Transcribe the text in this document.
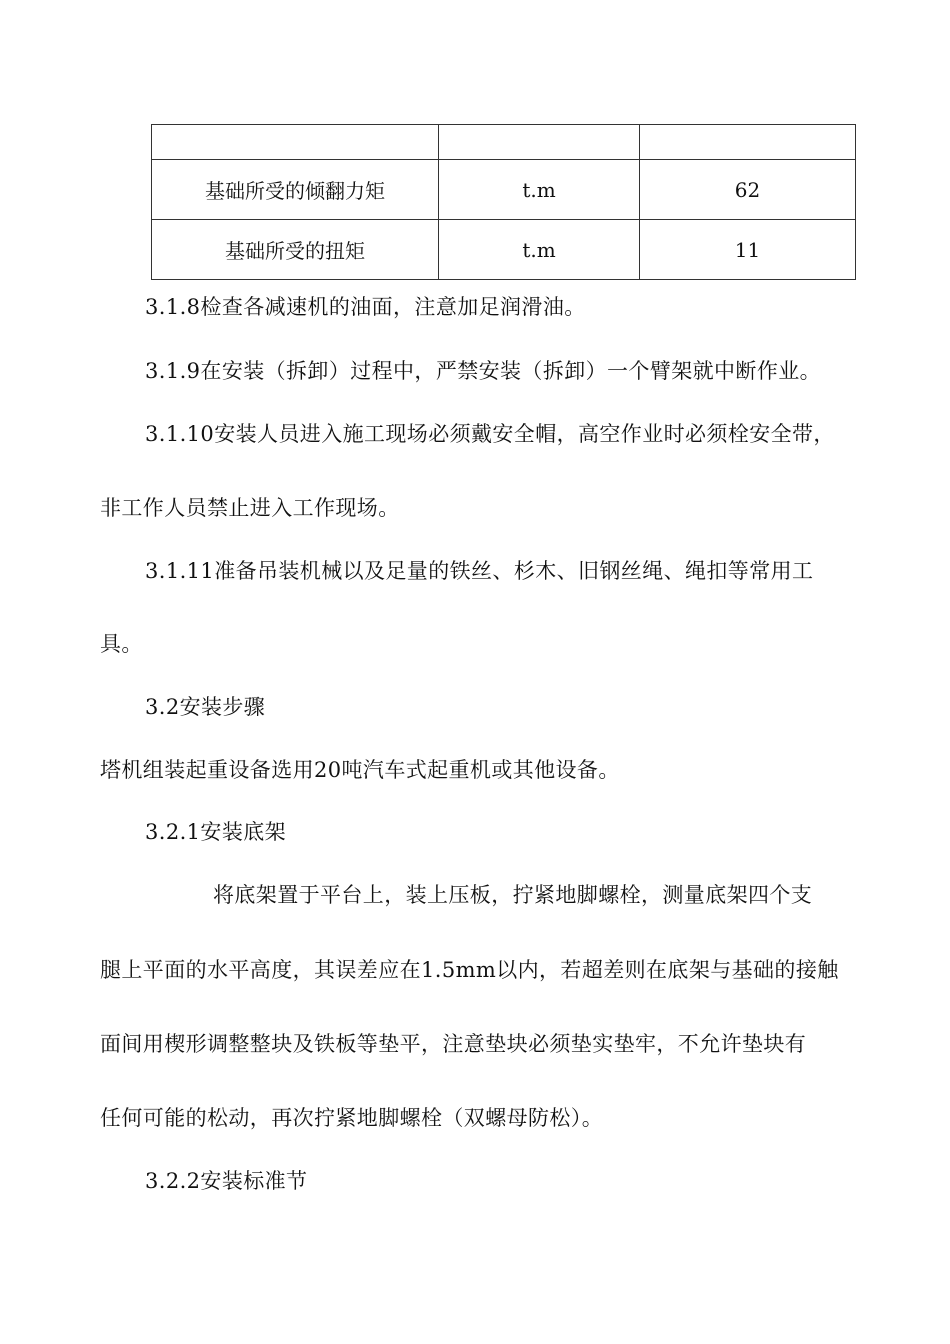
基础所受的倾翻力矩	t.m	62
基础所受的扭矩	t.m	11
3.1.8检查各减速机的油面，注意加足润滑油。
3.1.9在安装（拆卸）过程中，严禁安装（拆卸）一个臂架就中断作业。
3.1.10安装人员进入施工现场必须戴安全帽，高空作业时必须栓安全带，
非工作人员禁止进入工作现场。
3.1.11准备吊装机械以及足量的铁丝、杉木、旧钢丝绳、绳扣等常用工
具。
3.2安装步骤
塔机组装起重设备选用20吨汽车式起重机或其他设备。
3.2.1安装底架
将底架置于平台上，装上压板，拧紧地脚螺栓，测量底架四个支
腿上平面的水平高度，其误差应在1.5mm以内，若超差则在底架与基础的接触
面间用楔形调整整块及铁板等垫平，注意垫块必须垫实垫牢，不允许垫块有
任何可能的松动，再次拧紧地脚螺栓（双螺母防松）。
3.2.2安装标准节
